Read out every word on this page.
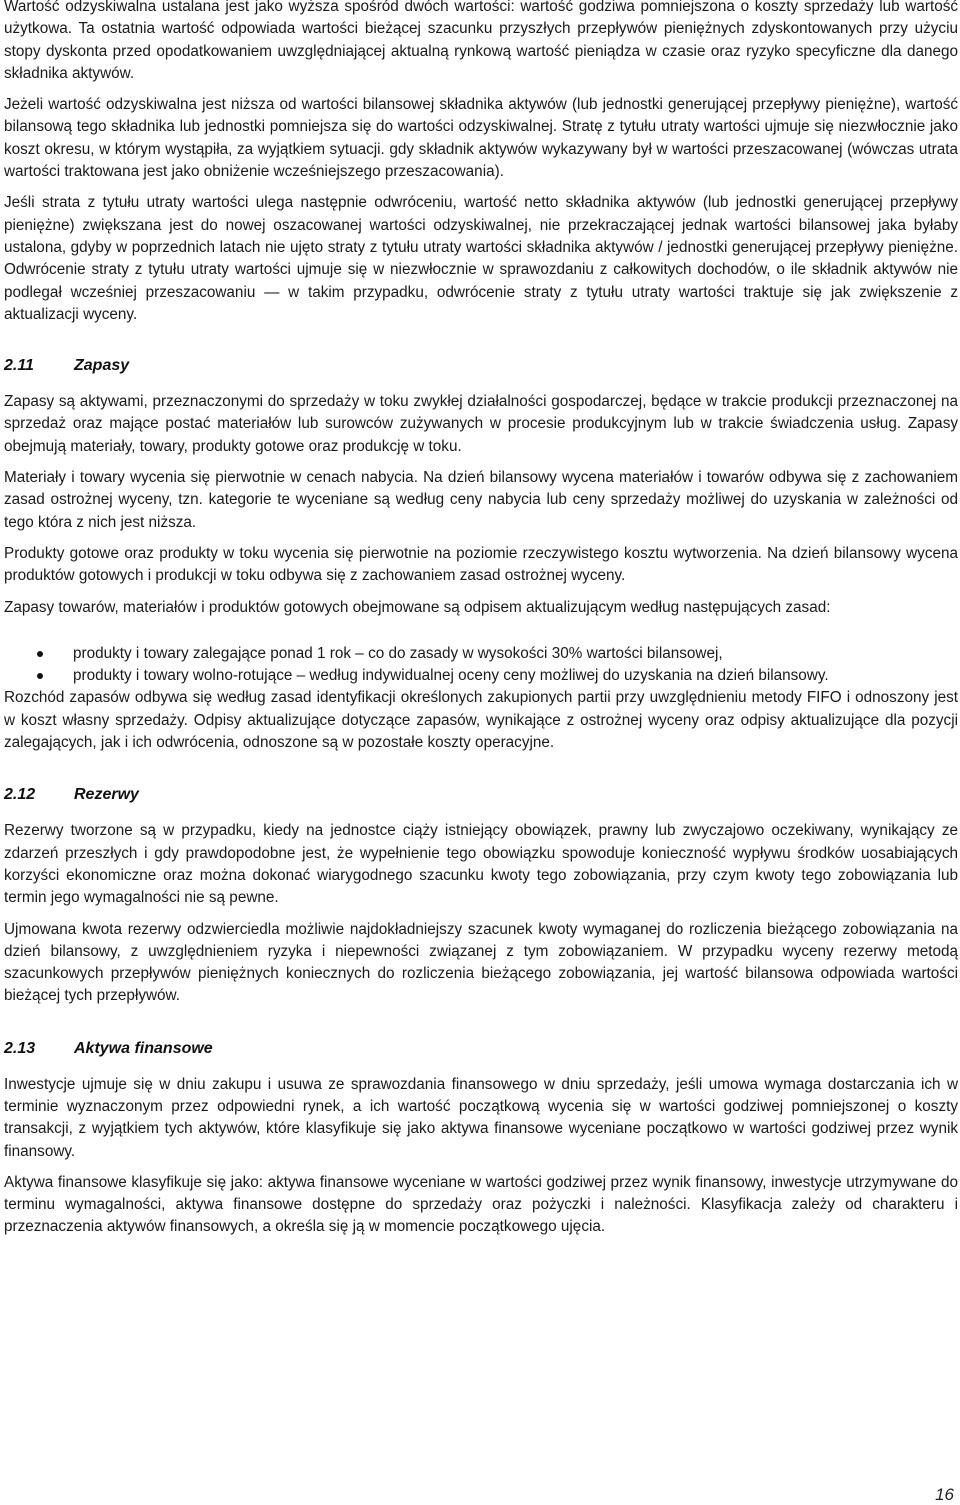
Wartość odzyskiwalna ustalana jest jako wyższa spośród dwóch wartości: wartość godziwa pomniejszona o koszty sprzedaży lub wartość użytkowa. Ta ostatnia wartość odpowiada wartości bieżącej szacunku przyszłych przepływów pieniężnych zdyskontowanych przy użyciu stopy dyskonta przed opodatkowaniem uwzględniającej aktualną rynkową wartość pieniądza w czasie oraz ryzyko specyficzne dla danego składnika aktywów.

Jeżeli wartość odzyskiwalna jest niższa od wartości bilansowej składnika aktywów (lub jednostki generującej przepływy pieniężne), wartość bilansową tego składnika lub jednostki pomniejsza się do wartości odzyskiwalnej. Stratę z tytułu utraty wartości ujmuje się niezwłocznie jako koszt okresu, w którym wystąpiła, za wyjątkiem sytuacji. gdy składnik aktywów wykazywany był w wartości przeszacowanej (wówczas utrata wartości traktowana jest jako obniżenie wcześniejszego przeszacowania).

Jeśli strata z tytułu utraty wartości ulega następnie odwróceniu, wartość netto składnika aktywów (lub jednostki generującej przepływy pieniężne) zwiększana jest do nowej oszacowanej wartości odzyskiwalnej, nie przekraczającej jednak wartości bilansowej jaka byłaby ustalona, gdyby w poprzednich latach nie ujęto straty z tytułu utraty wartości składnika aktywów / jednostki generującej przepływy pieniężne. Odwrócenie straty z tytułu utraty wartości ujmuje się w niezwłocznie w sprawozdaniu z całkowitych dochodów, o ile składnik aktywów nie podlegał wcześniej przeszacowaniu — w takim przypadku, odwrócenie straty z tytułu utraty wartości traktuje się jak zwiększenie z aktualizacji wyceny.

2.11	Zapasy

Zapasy są aktywami, przeznaczonymi do sprzedaży w toku zwykłej działalności gospodarczej, będące w trakcie produkcji przeznaczonej na sprzedaż oraz mające postać materiałów lub surowców zużywanych w procesie produkcyjnym lub w trakcie świadczenia usług. Zapasy obejmują materiały, towary, produkty gotowe oraz produkcję w toku.

Materiały i towary wycenia się pierwotnie w cenach nabycia. Na dzień bilansowy wycena materiałów i towarów odbywa się z zachowaniem zasad ostrożnej wyceny, tzn. kategorie te wyceniane są według ceny nabycia lub ceny sprzedaży możliwej do uzyskania w zależności od tego która z nich jest niższa.

Produkty gotowe oraz produkty w toku wycenia się pierwotnie na poziomie rzeczywistego kosztu wytworzenia. Na dzień bilansowy wycena produktów gotowych i produkcji w toku odbywa się z zachowaniem zasad ostrożnej wyceny.

Zapasy towarów, materiałów i produktów gotowych obejmowane są odpisem aktualizującym według następujących zasad:

produkty i towary zalegające ponad 1 rok – co do zasady w wysokości 30% wartości bilansowej,
produkty i towary wolno-rotujące – według indywidualnej oceny ceny możliwej do uzyskania na dzień bilansowy.

Rozchód zapasów odbywa się według zasad identyfikacji określonych zakupionych partii przy uwzględnieniu metody FIFO i odnoszony jest w koszt własny sprzedaży. Odpisy aktualizujące dotyczące zapasów, wynikające z ostrożnej wyceny oraz odpisy aktualizujące dla pozycji zalegających, jak i ich odwrócenia, odnoszone są w pozostałe koszty operacyjne.

2.12	Rezerwy

Rezerwy tworzone są w przypadku, kiedy na jednostce ciąży istniejący obowiązek, prawny lub zwyczajowo oczekiwany, wynikający ze zdarzeń przeszłych i gdy prawdopodobne jest, że wypełnienie tego obowiązku spowoduje konieczność wypływu środków uosabiających korzyści ekonomiczne oraz można dokonać wiarygodnego szacunku kwoty tego zobowiązania, przy czym kwoty tego zobowiązania lub termin jego wymagalności nie są pewne.

Ujmowana kwota rezerwy odzwierciedla możliwie najdokładniejszy szacunek kwoty wymaganej do rozliczenia bieżącego zobowiązania na dzień bilansowy, z uwzględnieniem ryzyka i niepewności związanej z tym zobowiązaniem. W przypadku wyceny rezerwy metodą szacunkowych przepływów pieniężnych koniecznych do rozliczenia bieżącego zobowiązania, jej wartość bilansowa odpowiada wartości bieżącej tych przepływów.

2.13	Aktywa finansowe

Inwestycje ujmuje się w dniu zakupu i usuwa ze sprawozdania finansowego w dniu sprzedaży, jeśli umowa wymaga dostarczania ich w terminie wyznaczonym przez odpowiedni rynek, a ich wartość początkową wycenia się w wartości godziwej pomniejszonej o koszty transakcji, z wyjątkiem tych aktywów, które klasyfikuje się jako aktywa finansowe wyceniane początkowo w wartości godziwej przez wynik finansowy.

Aktywa finansowe klasyfikuje się jako: aktywa finansowe wyceniane w wartości godziwej przez wynik finansowy, inwestycje utrzymywane do terminu wymagalności, aktywa finansowe dostępne do sprzedaży oraz pożyczki i należności. Klasyfikacja zależy od charakteru i przeznaczenia aktywów finansowych, a określa się ją w momencie początkowego ujęcia.

16
